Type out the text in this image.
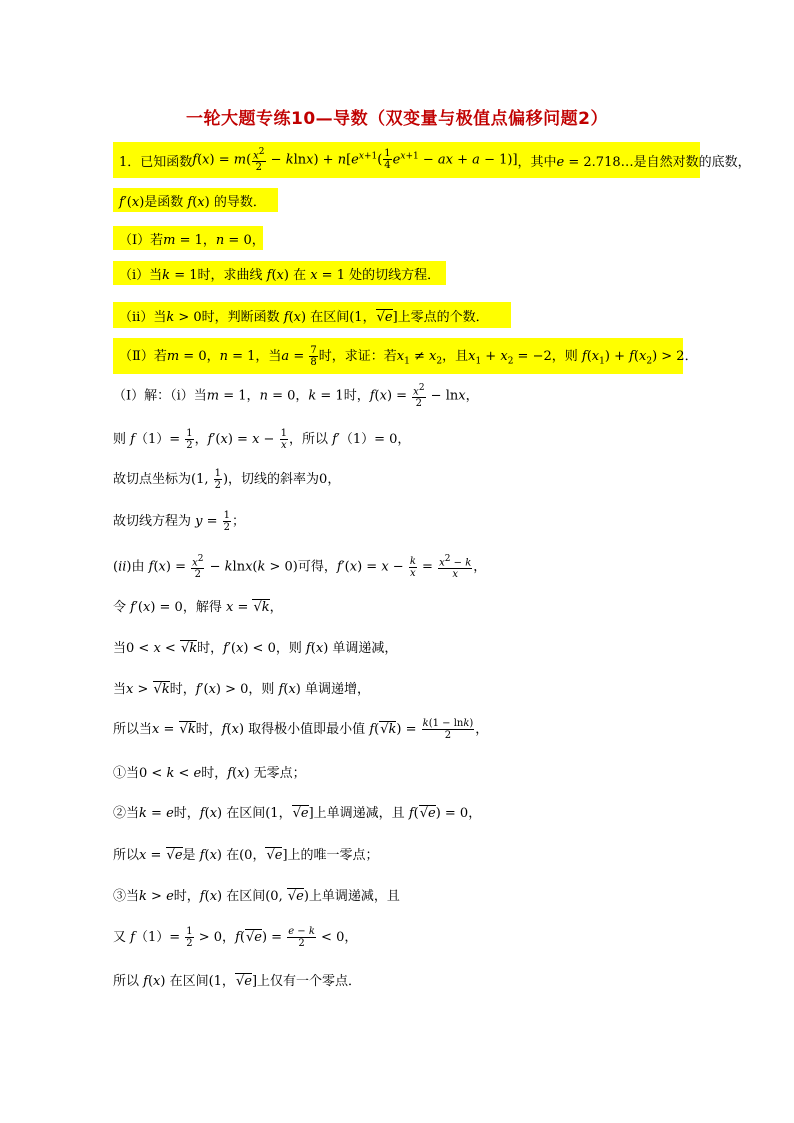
一轮大题专练10—导数（双变量与极值点偏移问题2）
1．已知函数 $f(x) = m( \frac{x^2}{2} - klnx) + n[e^{x+1}( \frac{1}{4} e^{x+1}$ − ax + a − 1)] ，其中e = 2.718…是自然对数的底数，
f′(x)是函数 f(x) 的导数．
（Ⅰ）若m = 1，n = 0，
（ⅰ）当k = 1时，求曲线 f(x) 在 x = 1 处的切线方程．
（ⅱ）当k > 0时，判断函数 f(x) 在区间(1， √ e]上零点的个数．
（Ⅱ）若m = 0，n = 1，当$a = \frac{7}{8}$ 时，求证：若$x_1 \ne x_2$，且$x_1 + x_2 = -2$，则 $f(x_1) + f(x_2) > 2$．
（Ⅰ）解：（ⅰ）当m = 1，n = 0，k = 1时，$f(x) = \frac{x^2}{2} - \ln x$，
则 $f(1)= \frac{1}{2}$ ，$f'(x) = x - \frac{1}{x}$ ，所以 f′（1）= 0，
故切点坐标为(1, $\frac{1}{2}$ )，切线的斜率为0，
故切线方程为 $y = \frac{1}{2}$ ；
(ii)由 $f(x) = \frac{x^2}{2} - klnx(k > 0)$可得，$f'(x) = x - \frac{k}{x} = \frac{x^2 - k}{x}$ ，
令 f′(x) = 0，解得 x = √ k，
当0 < x < √ k时，f′(x) < 0，则 f(x) 单调递减，
当x > √ k时，f′(x) > 0，则 f(x) 单调递增，
所以当x = √ k时，f(x) 取得极小值即最小值 f( √ $k) = \frac{k(1 - \ln k)}{2}$ ，
①当0 < k < e时，f(x) 无零点；
②当k = e时，f(x) 在区间(1， √ e]上单调递减，且 f( √ e) = 0，
所以x = √ e是 f(x) 在(0， √ e]上的唯一零点；
③当k > e时，f(x) 在区间(0, √ e)上单调递减，且
又 $f(1)= \frac{1}{2} > 0$，f( √ $e) = \frac{e - k}{2} < 0$，
所以 f(x) 在区间(1， √ e]上仅有一个零点．
